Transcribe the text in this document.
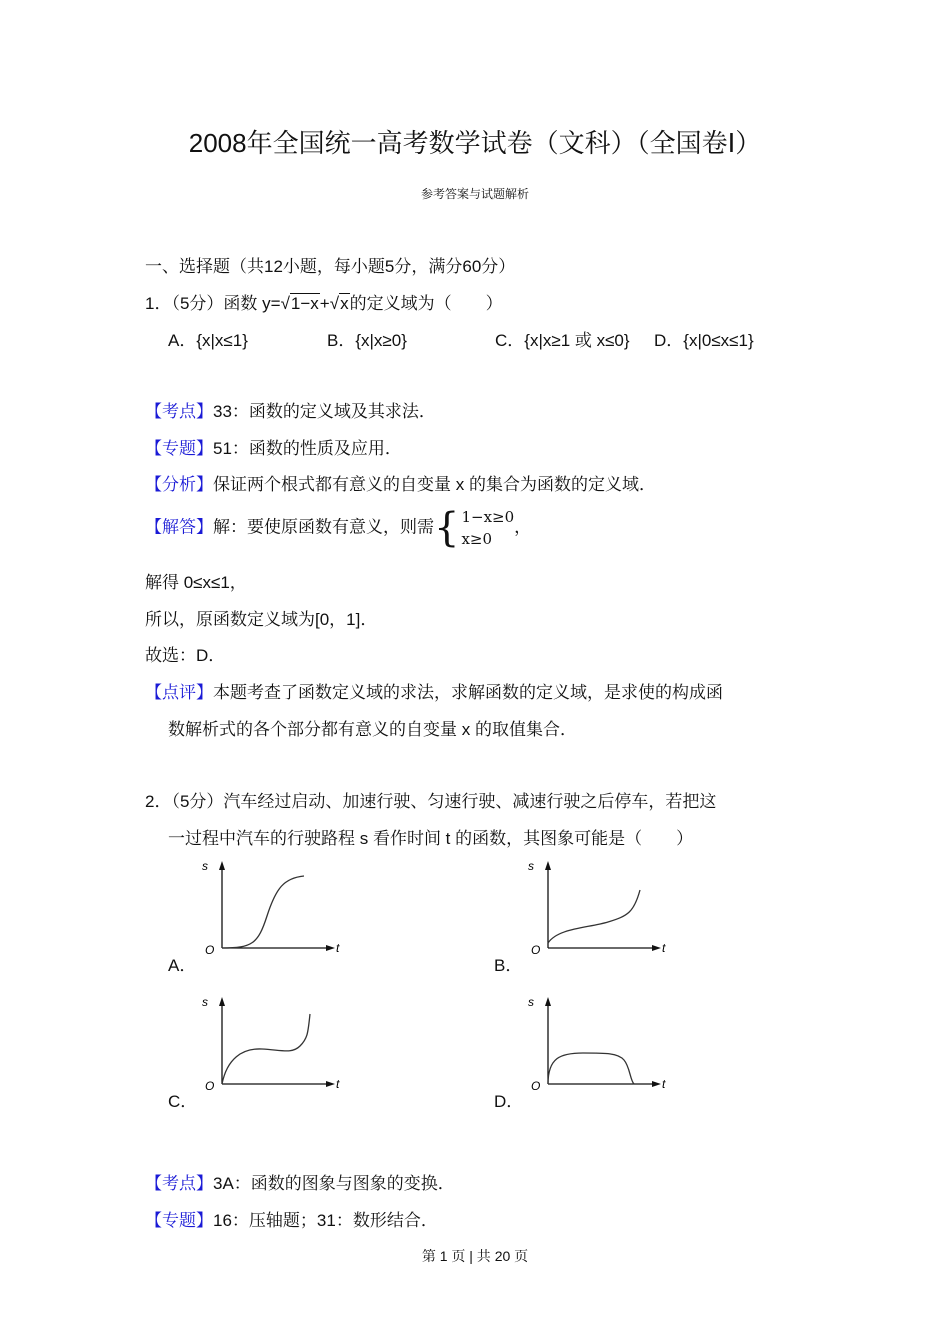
2008年全国统一高考数学试卷（文科）（全国卷Ⅰ）
参考答案与试题解析
一、选择题（共12小题，每小题5分，满分60分）
1．（5分）函数 y=√1−x+√x的定义域为（　　）
A．{x|x≤1}	B．{x|x≥0}	C．{x|x≥1 或 x≤0} D．{x|0≤x≤1}
【考点】33：函数的定义域及其求法．
【专题】51：函数的性质及应用．
【分析】保证两个根式都有意义的自变量 x 的集合为函数的定义域．
【解答】解：要使原函数有意义，则需 { 1−x≥0
x≥0
，
解得 0≤x≤1，
所以，原函数定义域为[0，1]．
故选：D．
【点评】本题考查了函数定义域的求法，求解函数的定义域，是求使的构成函
数解析式的各个部分都有意义的自变量 x 的取值集合．
2．（5分）汽车经过启动、加速行驶、匀速行驶、减速行驶之后停车，若把这
一过程中汽车的行驶路程 s 看作时间 t 的函数，其图象可能是（　　）
A．
s
O	t
B．
s
O	t
C．
s
O	t
D．
s
O	t
【考点】3A：函数的图象与图象的变换．
【专题】16：压轴题；31：数形结合．
第 1 页 | 共 20 页
